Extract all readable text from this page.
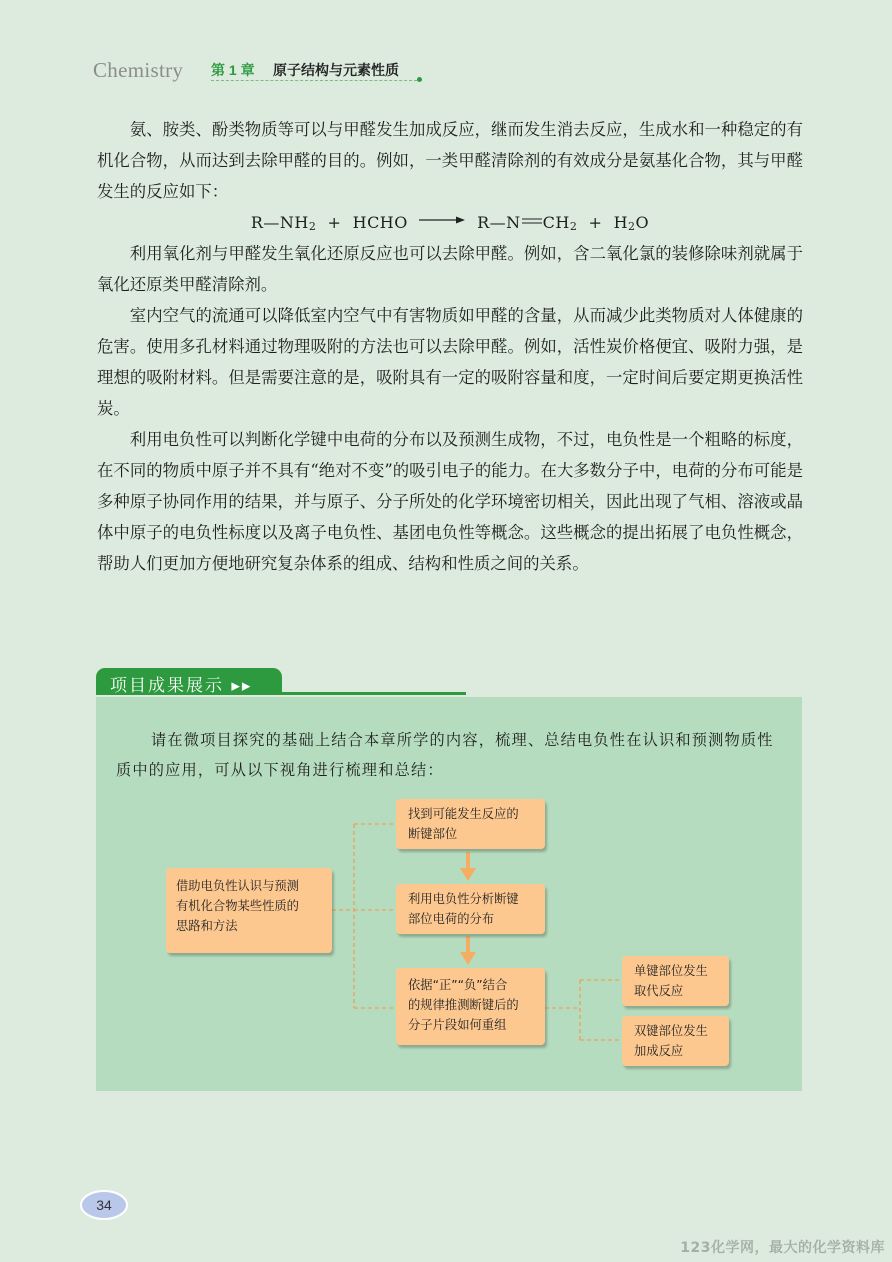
Chemistry 第 1 章 原子结构与元素性质

氨、胺类、酚类物质等可以与甲醛发生加成反应，继而发生消去反应，生成水和一种稳定的有机化合物，从而达到去除甲醛的目的。例如，一类甲醛清除剂的有效成分是氨基化合物，其与甲醛发生的反应如下：

$R—NH_2$ + HCHO → R—N $CH_2 + H_2O$

利用氧化剂与甲醛发生氧化还原反应也可以去除甲醛。例如，含二氧化氯的装修除味剂就属于氧化还原类甲醛清除剂。

室内空气的流通可以降低室内空气中有害物质如甲醛的含量，从而减少此类物质对人体健康的危害。使用多孔材料通过物理吸附的方法也可以去除甲醛。例如，活性炭价格便宜、吸附力强，是理想的吸附材料。但是需要注意的是，吸附具有一定的吸附容量和度，一定时间后要定期更换活性炭。

利用电负性可以判断化学键中电荷的分布以及预测生成物，不过，电负性是一个粗略的标度，在不同的物质中原子并不具有“绝对不变”的吸引电子的能力。在大多数分子中，电荷的分布可能是多种原子协同作用的结果，并与原子、分子所处的化学环境密切相关，因此出现了气相、溶液或晶体中原子的电负性标度以及离子电负性、基团电负性等概念。这些概念的提出拓展了电负性概念，帮助人们更加方便地研究复杂体系的组成、结构和性质之间的关系。

项目成果展示 ▸▸

请在微项目探究的基础上结合本章所学的内容，梳理、总结电负性在认识和预测物质性质中的应用，可从以下视角进行梳理和总结：

借助电负性认识与预测
有机化合物某些性质的
思路和方法
找到可能发生反应的
断键部位
利用电负性分析断键
部位电荷的分布
依据“正”“负”结合
的规律推测断键后的
分子片段如何重组
单键部位发生
取代反应
双键部位发生
加成反应
34
123化学网，最大的化学资料库
